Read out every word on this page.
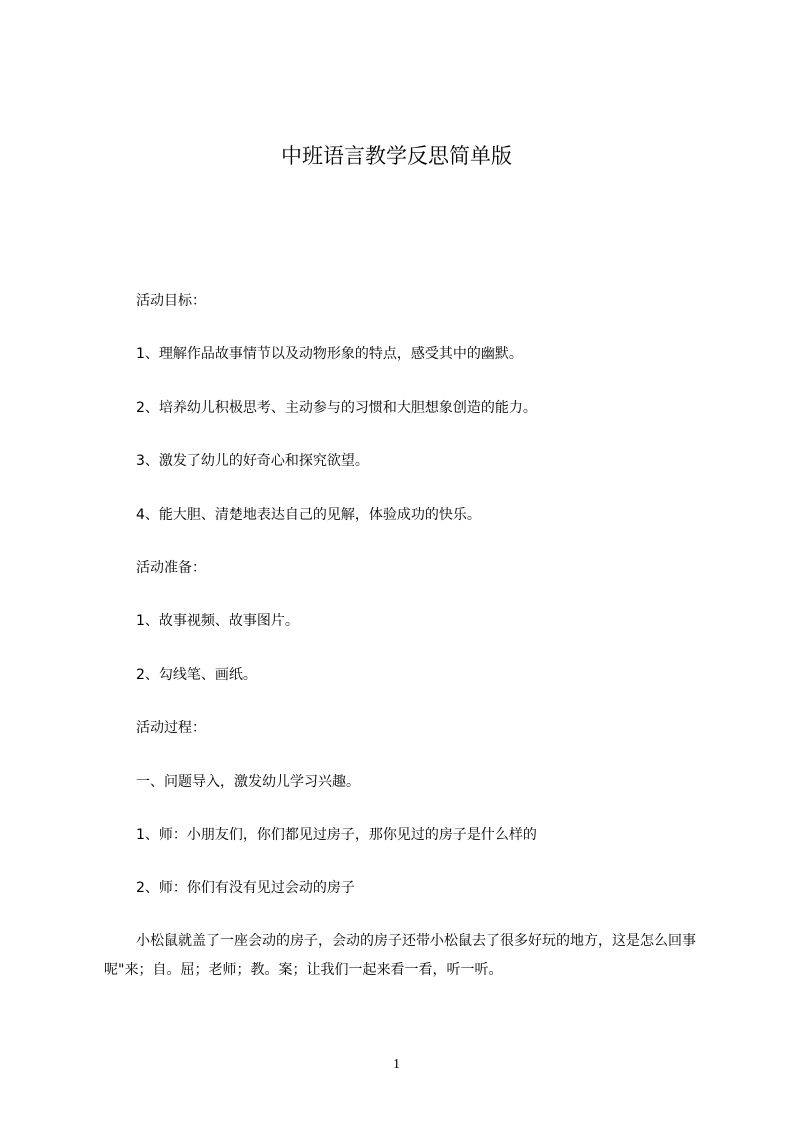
中班语言教学反思简单版
活动目标：
1、理解作品故事情节以及动物形象的特点，感受其中的幽默。
2、培养幼儿积极思考、主动参与的习惯和大胆想象创造的能力。
3、激发了幼儿的好奇心和探究欲望。
4、能大胆、清楚地表达自己的见解，体验成功的快乐。
活动准备：
1、故事视频、故事图片。
2、勾线笔、画纸。
活动过程：
一、问题导入，激发幼儿学习兴趣。
1、师：小朋友们，你们都见过房子，那你见过的房子是什么样的
2、师：你们有没有见过会动的房子
小松鼠就盖了一座会动的房子，会动的房子还带小松鼠去了很多好玩的地方，这是怎么回事呢"来；自。屈；老师；教。案；让我们一起来看一看，听一听。
1
